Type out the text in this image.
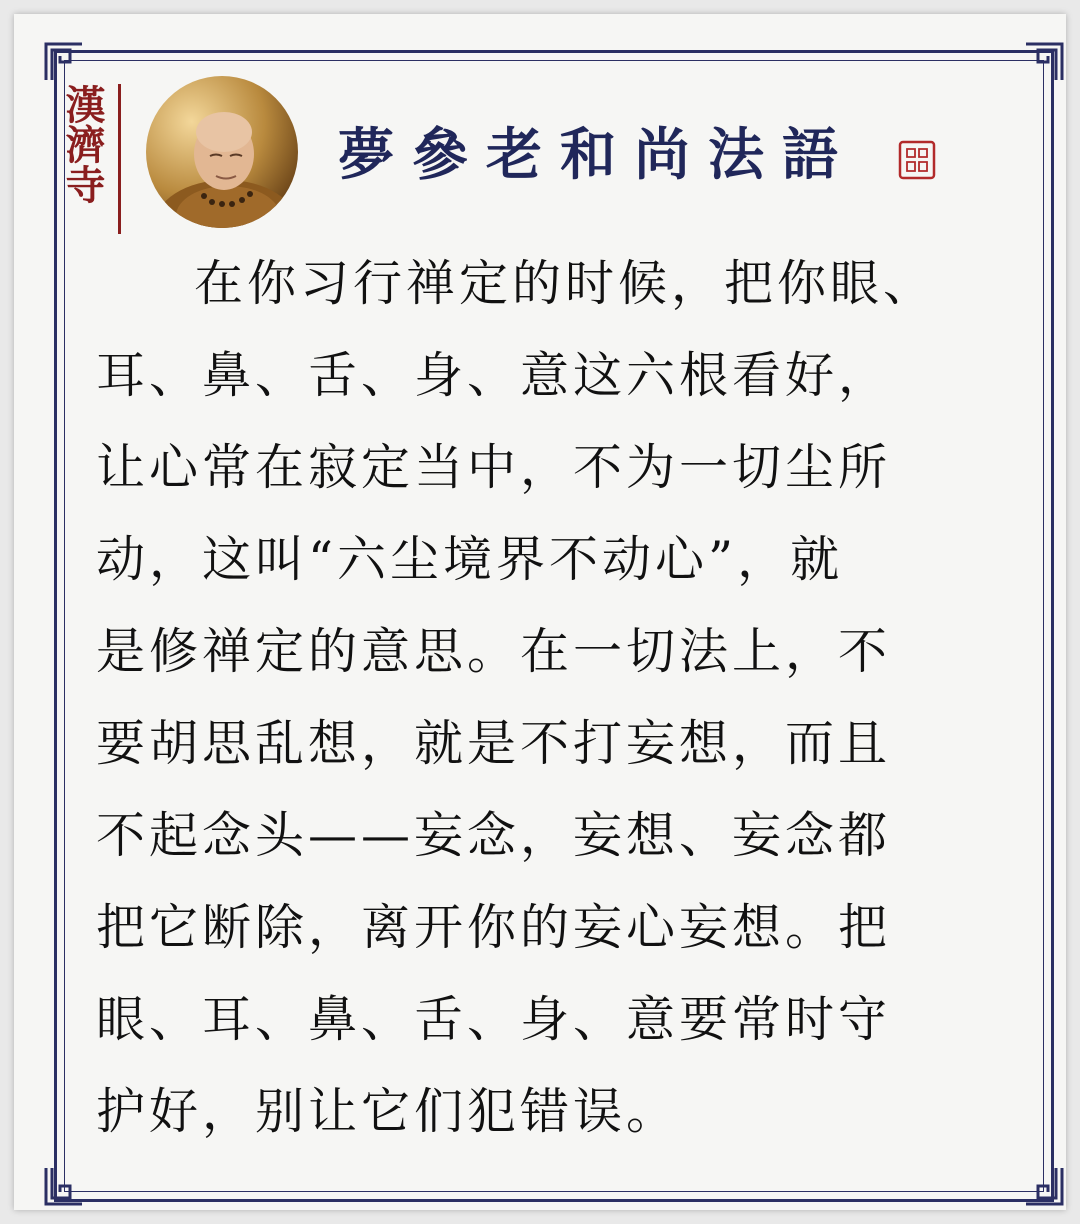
漢濟寺	夢參老和尚法語
在你习行禅定的时候，把你眼、
耳、鼻、舌、身、意这六根看好，
让心常在寂定当中，不为一切尘所
动，这叫“六尘境界不动心”，就
是修禅定的意思。在一切法上，不
要胡思乱想，就是不打妄想，而且
不起念头——妄念，妄想、妄念都
把它断除，离开你的妄心妄想。把
眼、耳、鼻、舌、身、意要常时守
护好，别让它们犯错误。
